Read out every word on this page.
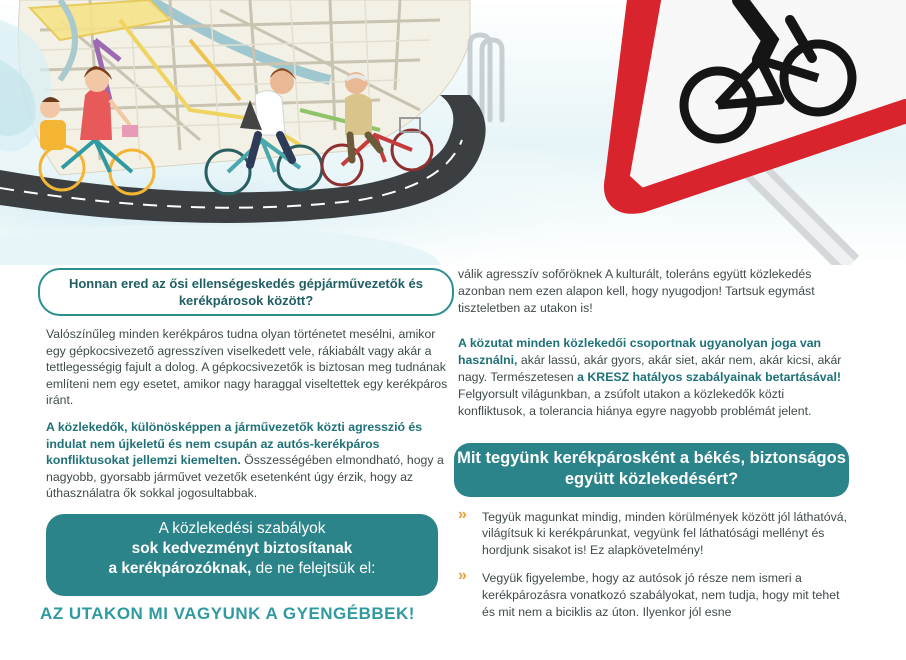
Honnan ered az ősi ellenségeskedés gépjárművezetők és kerékpárosok között?

Valószínűleg minden kerékpáros tudna olyan történetet mesélni, amikor egy gépkocsivezető agresszíven viselkedett vele, rákiabált vagy akár a tettlegességig fajult a dolog. A gépkocsivezetők is biztosan meg tudnának említeni nem egy esetet, amikor nagy haraggal viseltettek egy kerékpáros iránt.

A közlekedők, különösképpen a járművezetők közti agresszió és indulat nem újkeletű és nem csupán az autós-kerékpáros konfliktusokat jellemzi kiemelten. Összességében elmondható, hogy a nagyobb, gyorsabb járművet vezetők esetenként úgy érzik, hogy az úthasználatra ők sokkal jogosultabbak.

A közlekedési szabályok
sok kedvezményt biztosítanak
a kerékpározóknak, de ne felejtsük el:
AZ UTAKON MI VAGYUNK A GYENGÉBBEK!

válik agresszív sofőröknek A kulturált, toleráns együtt közlekedés azonban nem ezen alapon kell, hogy nyugodjon! Tartsuk egymást tiszteletben az utakon is!

A közutat minden közlekedői csoportnak ugyanolyan joga van használni, akár lassú, akár gyors, akár siet, akár nem, akár kicsi, akár nagy. Természetesen a KRESZ hatályos szabályainak betartásával! Felgyorsult világunkban, a zsúfolt utakon a közlekedők közti konfliktusok, a tolerancia hiánya egyre nagyobb problémát jelent.

Mit tegyünk kerékpárosként a békés, biztonságos együtt közlekedésért?
» Tegyük magunkat mindig, minden körülmények között jól láthatóvá, világítsuk ki kerékpárunkat, vegyünk fel láthatósági mellényt és hordjunk sisakot is! Ez alapkövetelmény!
» Vegyük figyelembe, hogy az autósok jó része nem ismeri a kerékpározásra vonatkozó szabályokat, nem tudja, hogy mit tehet és mit nem a biciklis az úton. Ilyenkor jól esne
